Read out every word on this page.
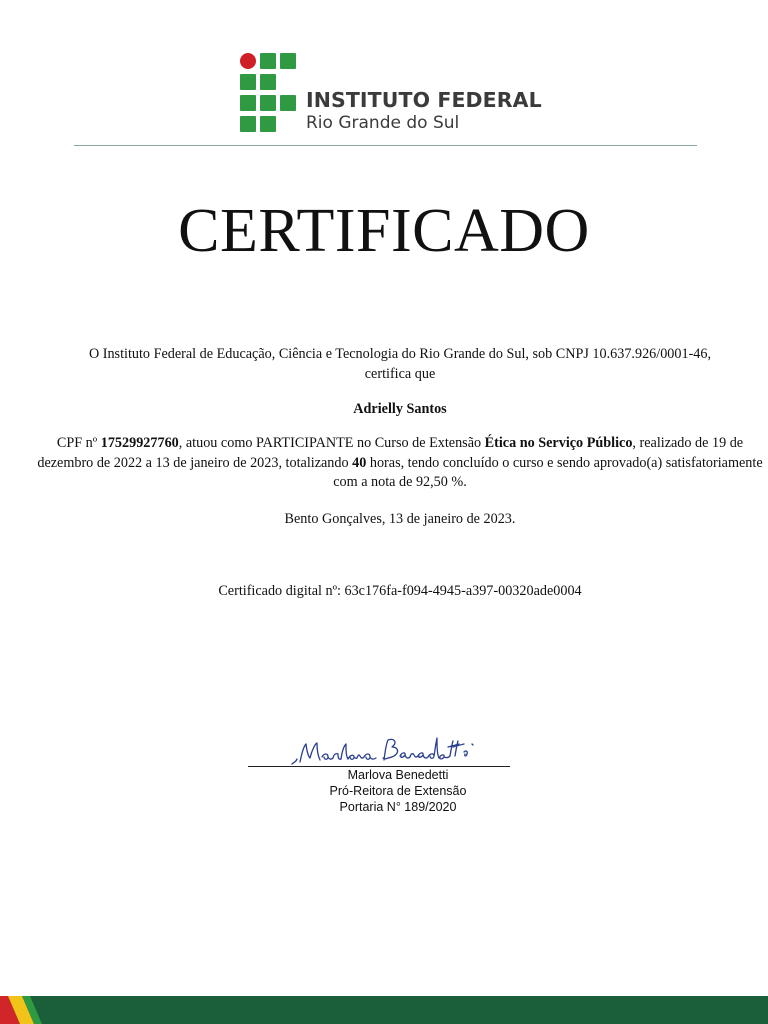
INSTITUTO FEDERAL
Rio Grande do Sul
CERTIFICADO
O Instituto Federal de Educação, Ciência e Tecnologia do Rio Grande do Sul, sob CNPJ 10.637.926/0001-46,
certifica que
Adrielly Santos
CPF nº 17529927760, atuou como PARTICIPANTE no Curso de Extensão Ética no Serviço Público, realizado de 19 de dezembro de 2022 a 13 de janeiro de 2023, totalizando 40 horas, tendo concluído o curso e sendo aprovado(a) satisfatoriamente com a nota de 92,50 %.
Bento Gonçalves, 13 de janeiro de 2023.
Certificado digital nº: 63c176fa-f094-4945-a397-00320ade0004
Marlova Benedetti
Pró-Reitora de Extensão
Portaria N° 189/2020
